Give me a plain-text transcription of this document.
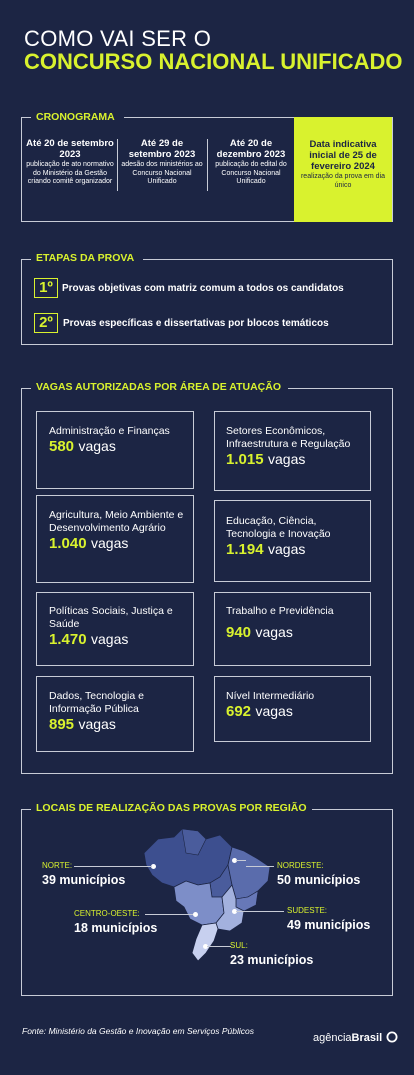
COMO VAI SER O
CONCURSO NACIONAL UNIFICADO
CRONOGRAMA
Até 20 de setembro 2023
publicação de ato normativo do Ministério da Gestão criando comitê organizador
Até 29 de setembro 2023
adesão dos ministérios ao Concurso Nacional Unificado
Até 20 de dezembro 2023
publicação do edital do Concurso Nacional Unificado
Data indicativa inicial de 25 de fevereiro 2024
realização da prova em dia único
ETAPAS DA PROVA
1º Provas objetivas com matriz comum a todos os candidatos
2º	Provas específicas e dissertativas por blocos temáticos
VAGAS AUTORIZADAS POR ÁREA DE ATUAÇÃO
Administração e Finanças
580 vagas
Setores Econômicos, Infraestrutura e Regulação
1.015 vagas
Agricultura, Meio Ambiente e Desenvolvimento Agrário
1.040 vagas
Educação, Ciência, Tecnologia e Inovação
1.194 vagas
Políticas Sociais, Justiça e Saúde
1.470 vagas
Trabalho e Previdência
940 vagas
Dados, Tecnologia e Informação Pública
895 vagas
Nível Intermediário
692 vagas
LOCAIS DE REALIZAÇÃO DAS PROVAS POR REGIÃO
NORTE:
39 municípios
NORDESTE:
50 municípios
CENTRO-OESTE:
18 municípios
SUDESTE:
49 municípios
SUL:
23 municípios
Fonte: Ministério da Gestão e Inovação em Serviços Públicos
agênciaBrasil
